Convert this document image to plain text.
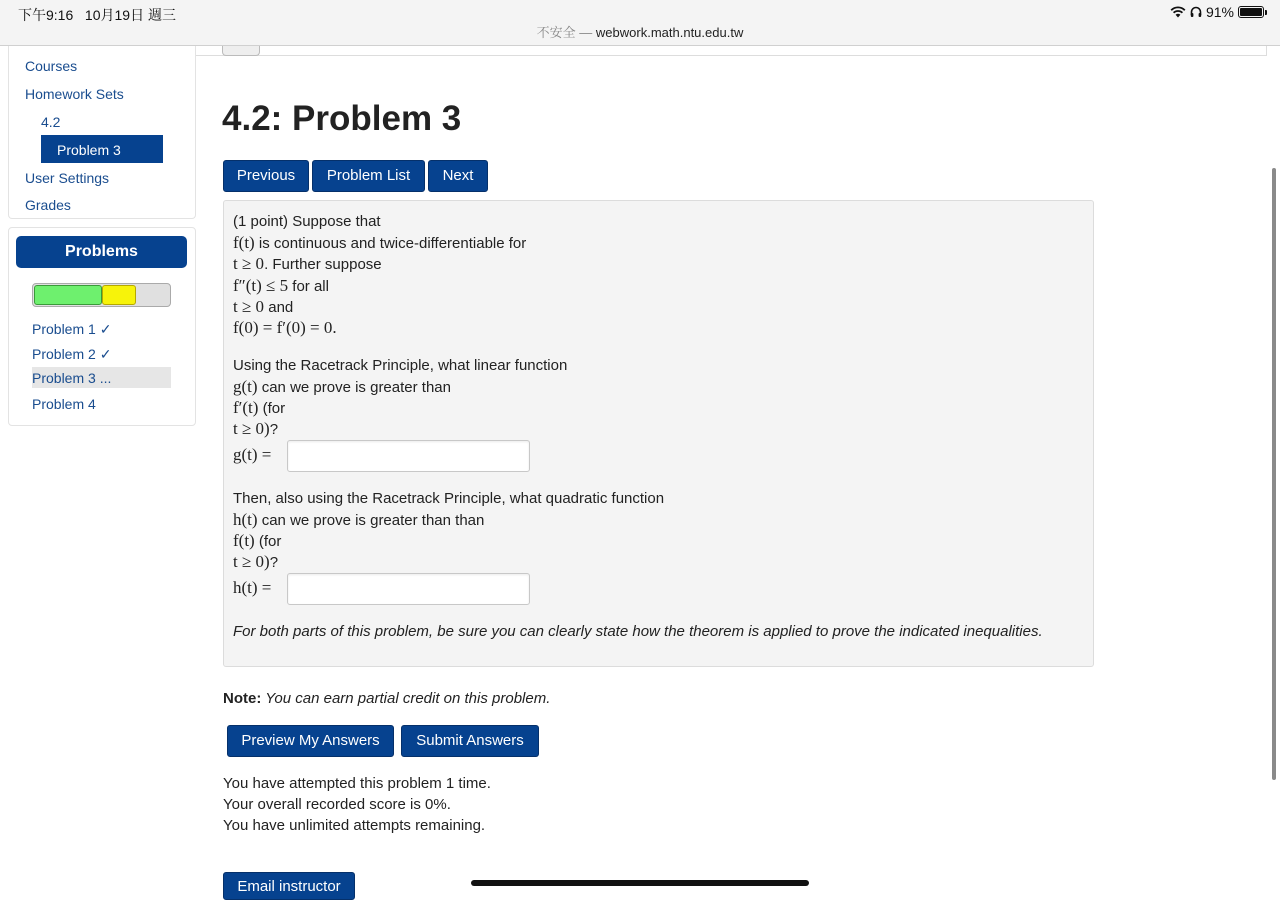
下午9:16 10月19日 週三
不安全 — webwork.math.ntu.edu.tw
91%
Courses
Homework Sets
4.2
Problem 3
User Settings
Grades
Problems
Problem 1 ✓
Problem 2 ✓
Problem 3 ...
Problem 4
4.2: Problem 3
Previous	Problem List	Next
(1 point) Suppose that
f(t) is continuous and twice-differentiable for
t ≥ 0. Further suppose
f″(t) ≤ 5 for all
t ≥ 0 and
f(0) = f′(0) = 0.
Using the Racetrack Principle, what linear function
g(t) can we prove is greater than
f′(t) (for
t ≥ 0)?
g(t) =
Then, also using the Racetrack Principle, what quadratic function
h(t) can we prove is greater than than
f(t) (for
t ≥ 0)?
h(t) =
For both parts of this problem, be sure you can clearly state how the theorem is applied to prove the indicated inequalities.
Note: You can earn partial credit on this problem.
Preview My Answers	Submit Answers
You have attempted this problem 1 time.
Your overall recorded score is 0%.
You have unlimited attempts remaining.
Email instructor
